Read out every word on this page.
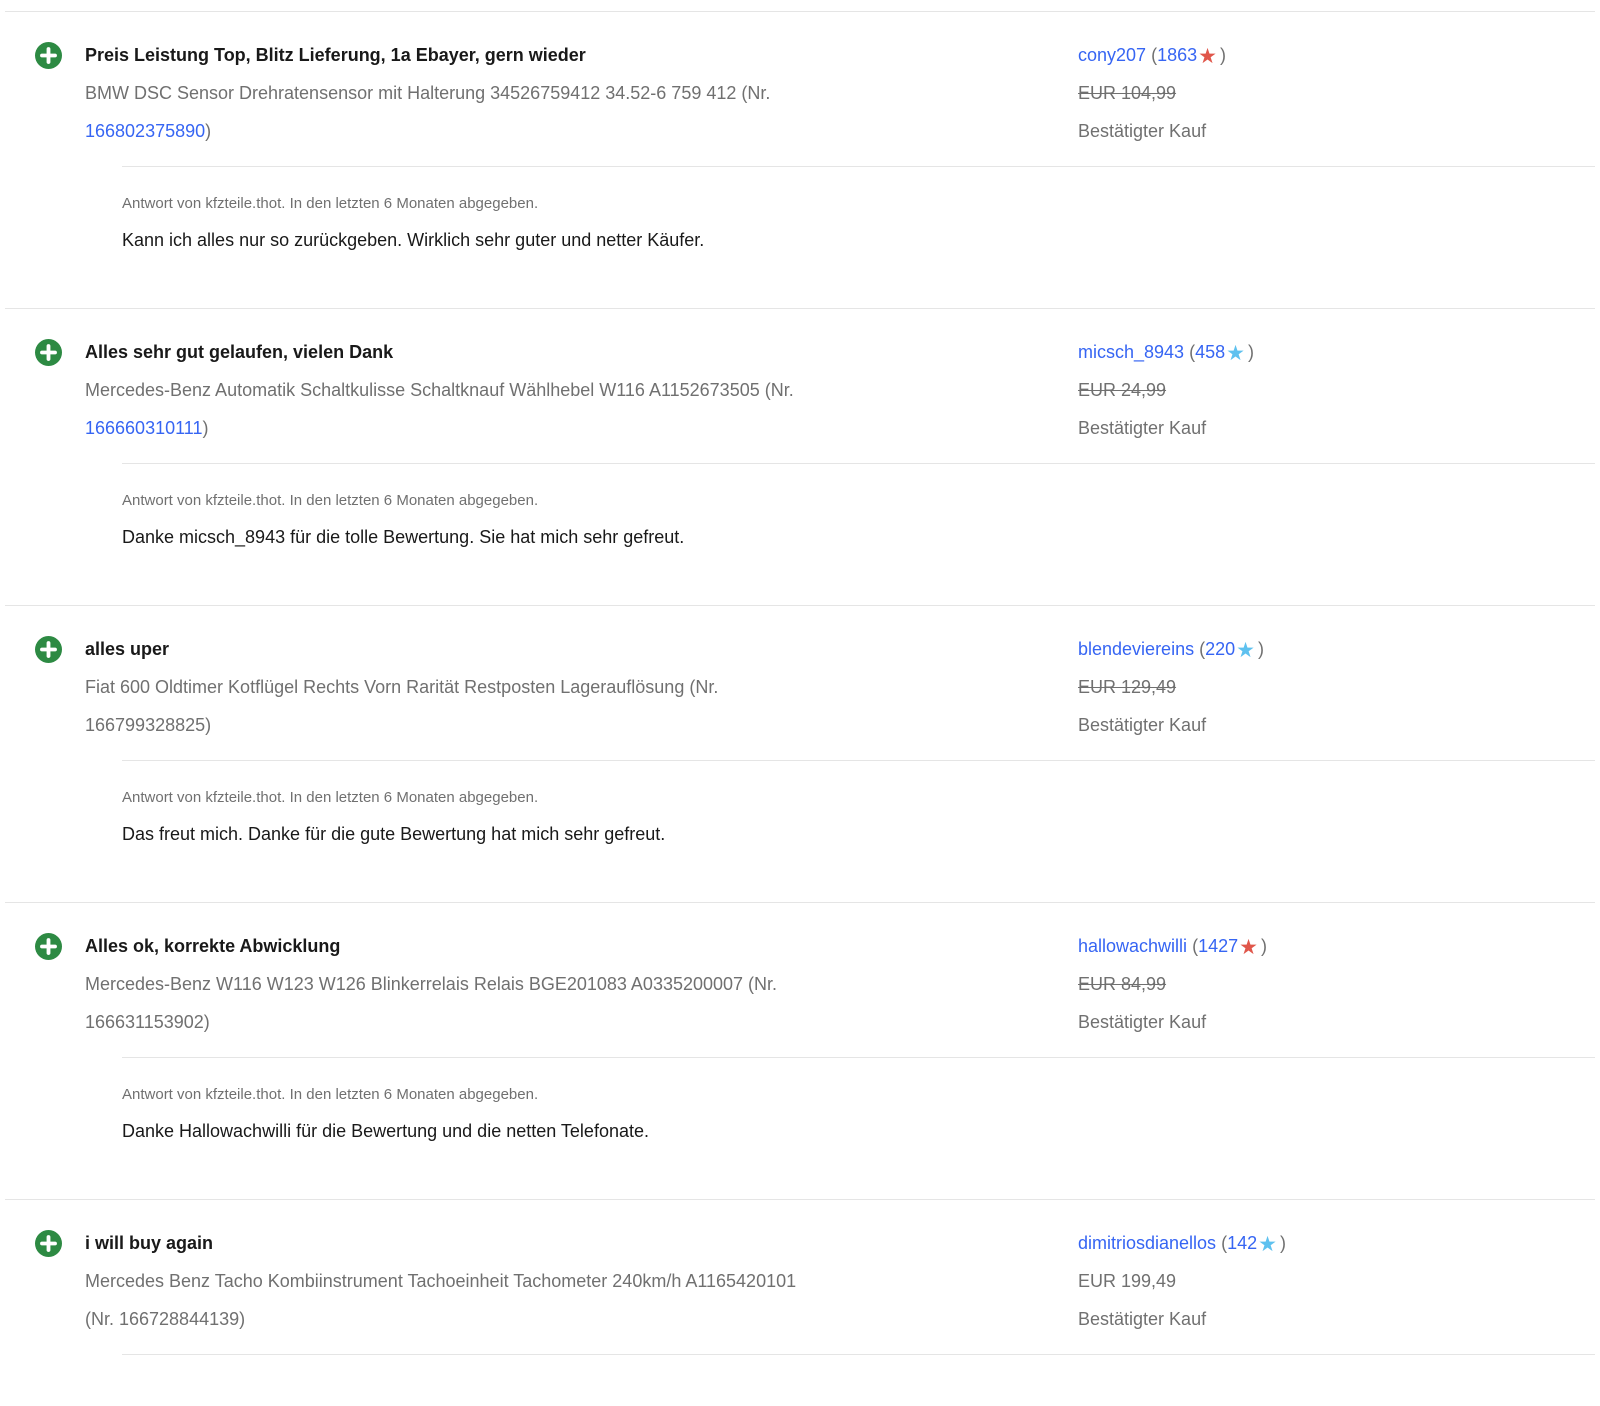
Preis Leistung Top, Blitz Lieferung, 1a Ebayer, gern wieder
BMW DSC Sensor Drehratensensor mit Halterung 34526759412 34.52-6 759 412 (Nr.
166802375890)
cony207 (1863★ )
EUR 104,99
Bestätigter Kauf
Antwort von kfzteile.thot. In den letzten 6 Monaten abgegeben.
Kann ich alles nur so zurückgeben. Wirklich sehr guter und netter Käufer.
Alles sehr gut gelaufen, vielen Dank
Mercedes-Benz Automatik Schaltkulisse Schaltknauf Wählhebel W116 A1152673505 (Nr.
166660310111)
micsch_8943 (458★ )
EUR 24,99
Bestätigter Kauf
Antwort von kfzteile.thot. In den letzten 6 Monaten abgegeben.
Danke micsch_8943 für die tolle Bewertung. Sie hat mich sehr gefreut.
alles uper
Fiat 600 Oldtimer Kotflügel Rechts Vorn Rarität Restposten Lagerauflösung (Nr.
166799328825)
blendeviereins (220★ )
EUR 129,49
Bestätigter Kauf
Antwort von kfzteile.thot. In den letzten 6 Monaten abgegeben.
Das freut mich. Danke für die gute Bewertung hat mich sehr gefreut.
Alles ok, korrekte Abwicklung
Mercedes-Benz W116 W123 W126 Blinkerrelais Relais BGE201083 A0335200007 (Nr.
166631153902)
hallowachwilli (1427★ )
EUR 84,99
Bestätigter Kauf
Antwort von kfzteile.thot. In den letzten 6 Monaten abgegeben.
Danke Hallowachwilli für die Bewertung und die netten Telefonate.
i will buy again
Mercedes Benz Tacho Kombiinstrument Tachoeinheit Tachometer 240km/h A1165420101
(Nr. 166728844139)
dimitriosdianellos (142★ )
EUR 199,49
Bestätigter Kauf
